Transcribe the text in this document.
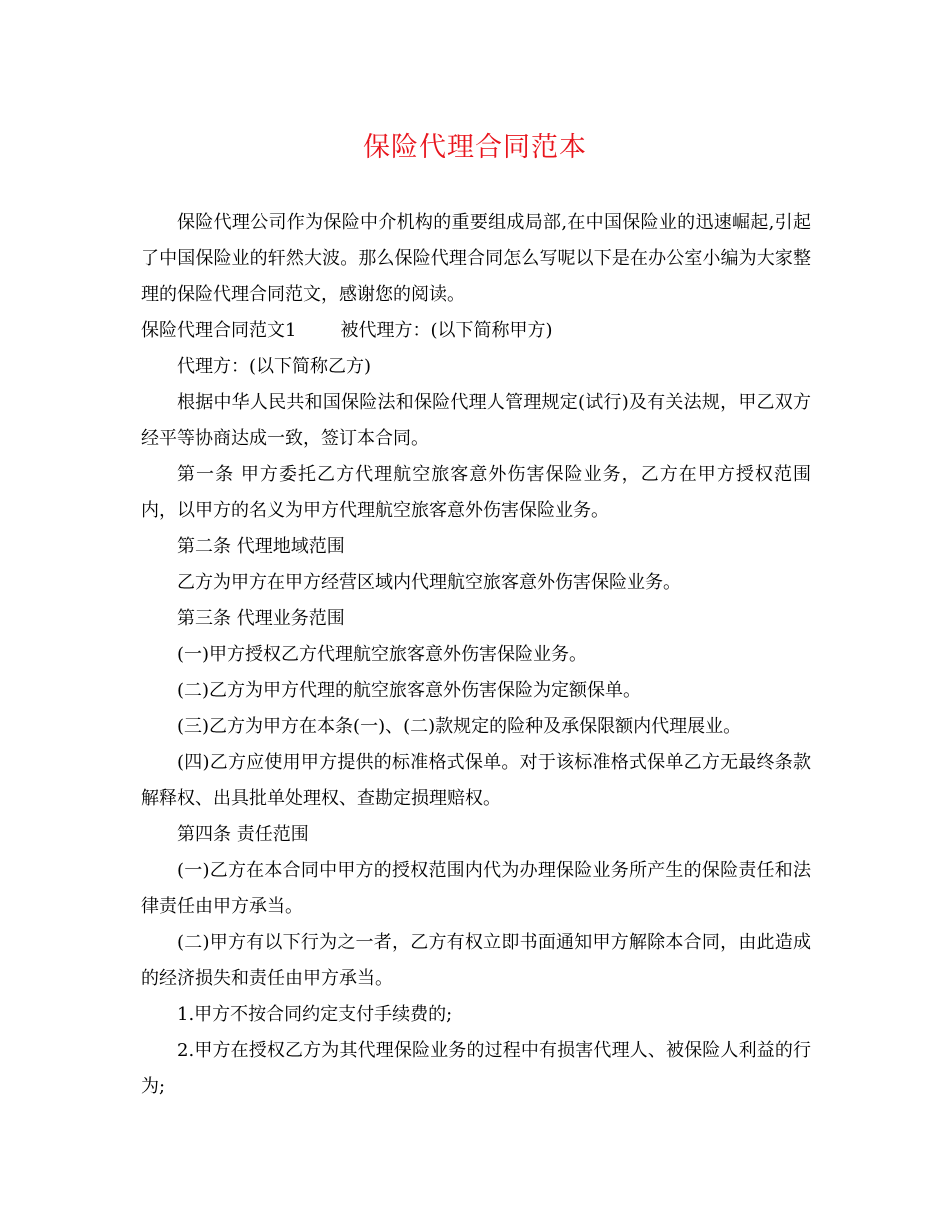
保险代理合同范本

保险代理公司作为保险中介机构的重要组成局部,在中国保险业的迅速崛起,引起了中国保险业的轩然大波。那么保险代理合同怎么写呢以下是在办公室小编为大家整理的保险代理合同范文，感谢您的阅读。

保险代理合同范文1 被代理方：(以下简称甲方)

代理方：(以下简称乙方)

根据中华人民共和国保险法和保险代理人管理规定(试行)及有关法规，甲乙双方经平等协商达成一致，签订本合同。

第一条 甲方委托乙方代理航空旅客意外伤害保险业务，乙方在甲方授权范围内，以甲方的名义为甲方代理航空旅客意外伤害保险业务。

第二条 代理地域范围

乙方为甲方在甲方经营区域内代理航空旅客意外伤害保险业务。

第三条 代理业务范围

(一)甲方授权乙方代理航空旅客意外伤害保险业务。

(二)乙方为甲方代理的航空旅客意外伤害保险为定额保单。

(三)乙方为甲方在本条(一)、(二)款规定的险种及承保限额内代理展业。

(四)乙方应使用甲方提供的标准格式保单。对于该标准格式保单乙方无最终条款解释权、出具批单处理权、查勘定损理赔权。

第四条 责任范围

(一)乙方在本合同中甲方的授权范围内代为办理保险业务所产生的保险责任和法律责任由甲方承当。

(二)甲方有以下行为之一者，乙方有权立即书面通知甲方解除本合同，由此造成的经济损失和责任由甲方承当。

1.甲方不按合同约定支付手续费的;

2.甲方在授权乙方为其代理保险业务的过程中有损害代理人、被保险人利益的行为;
